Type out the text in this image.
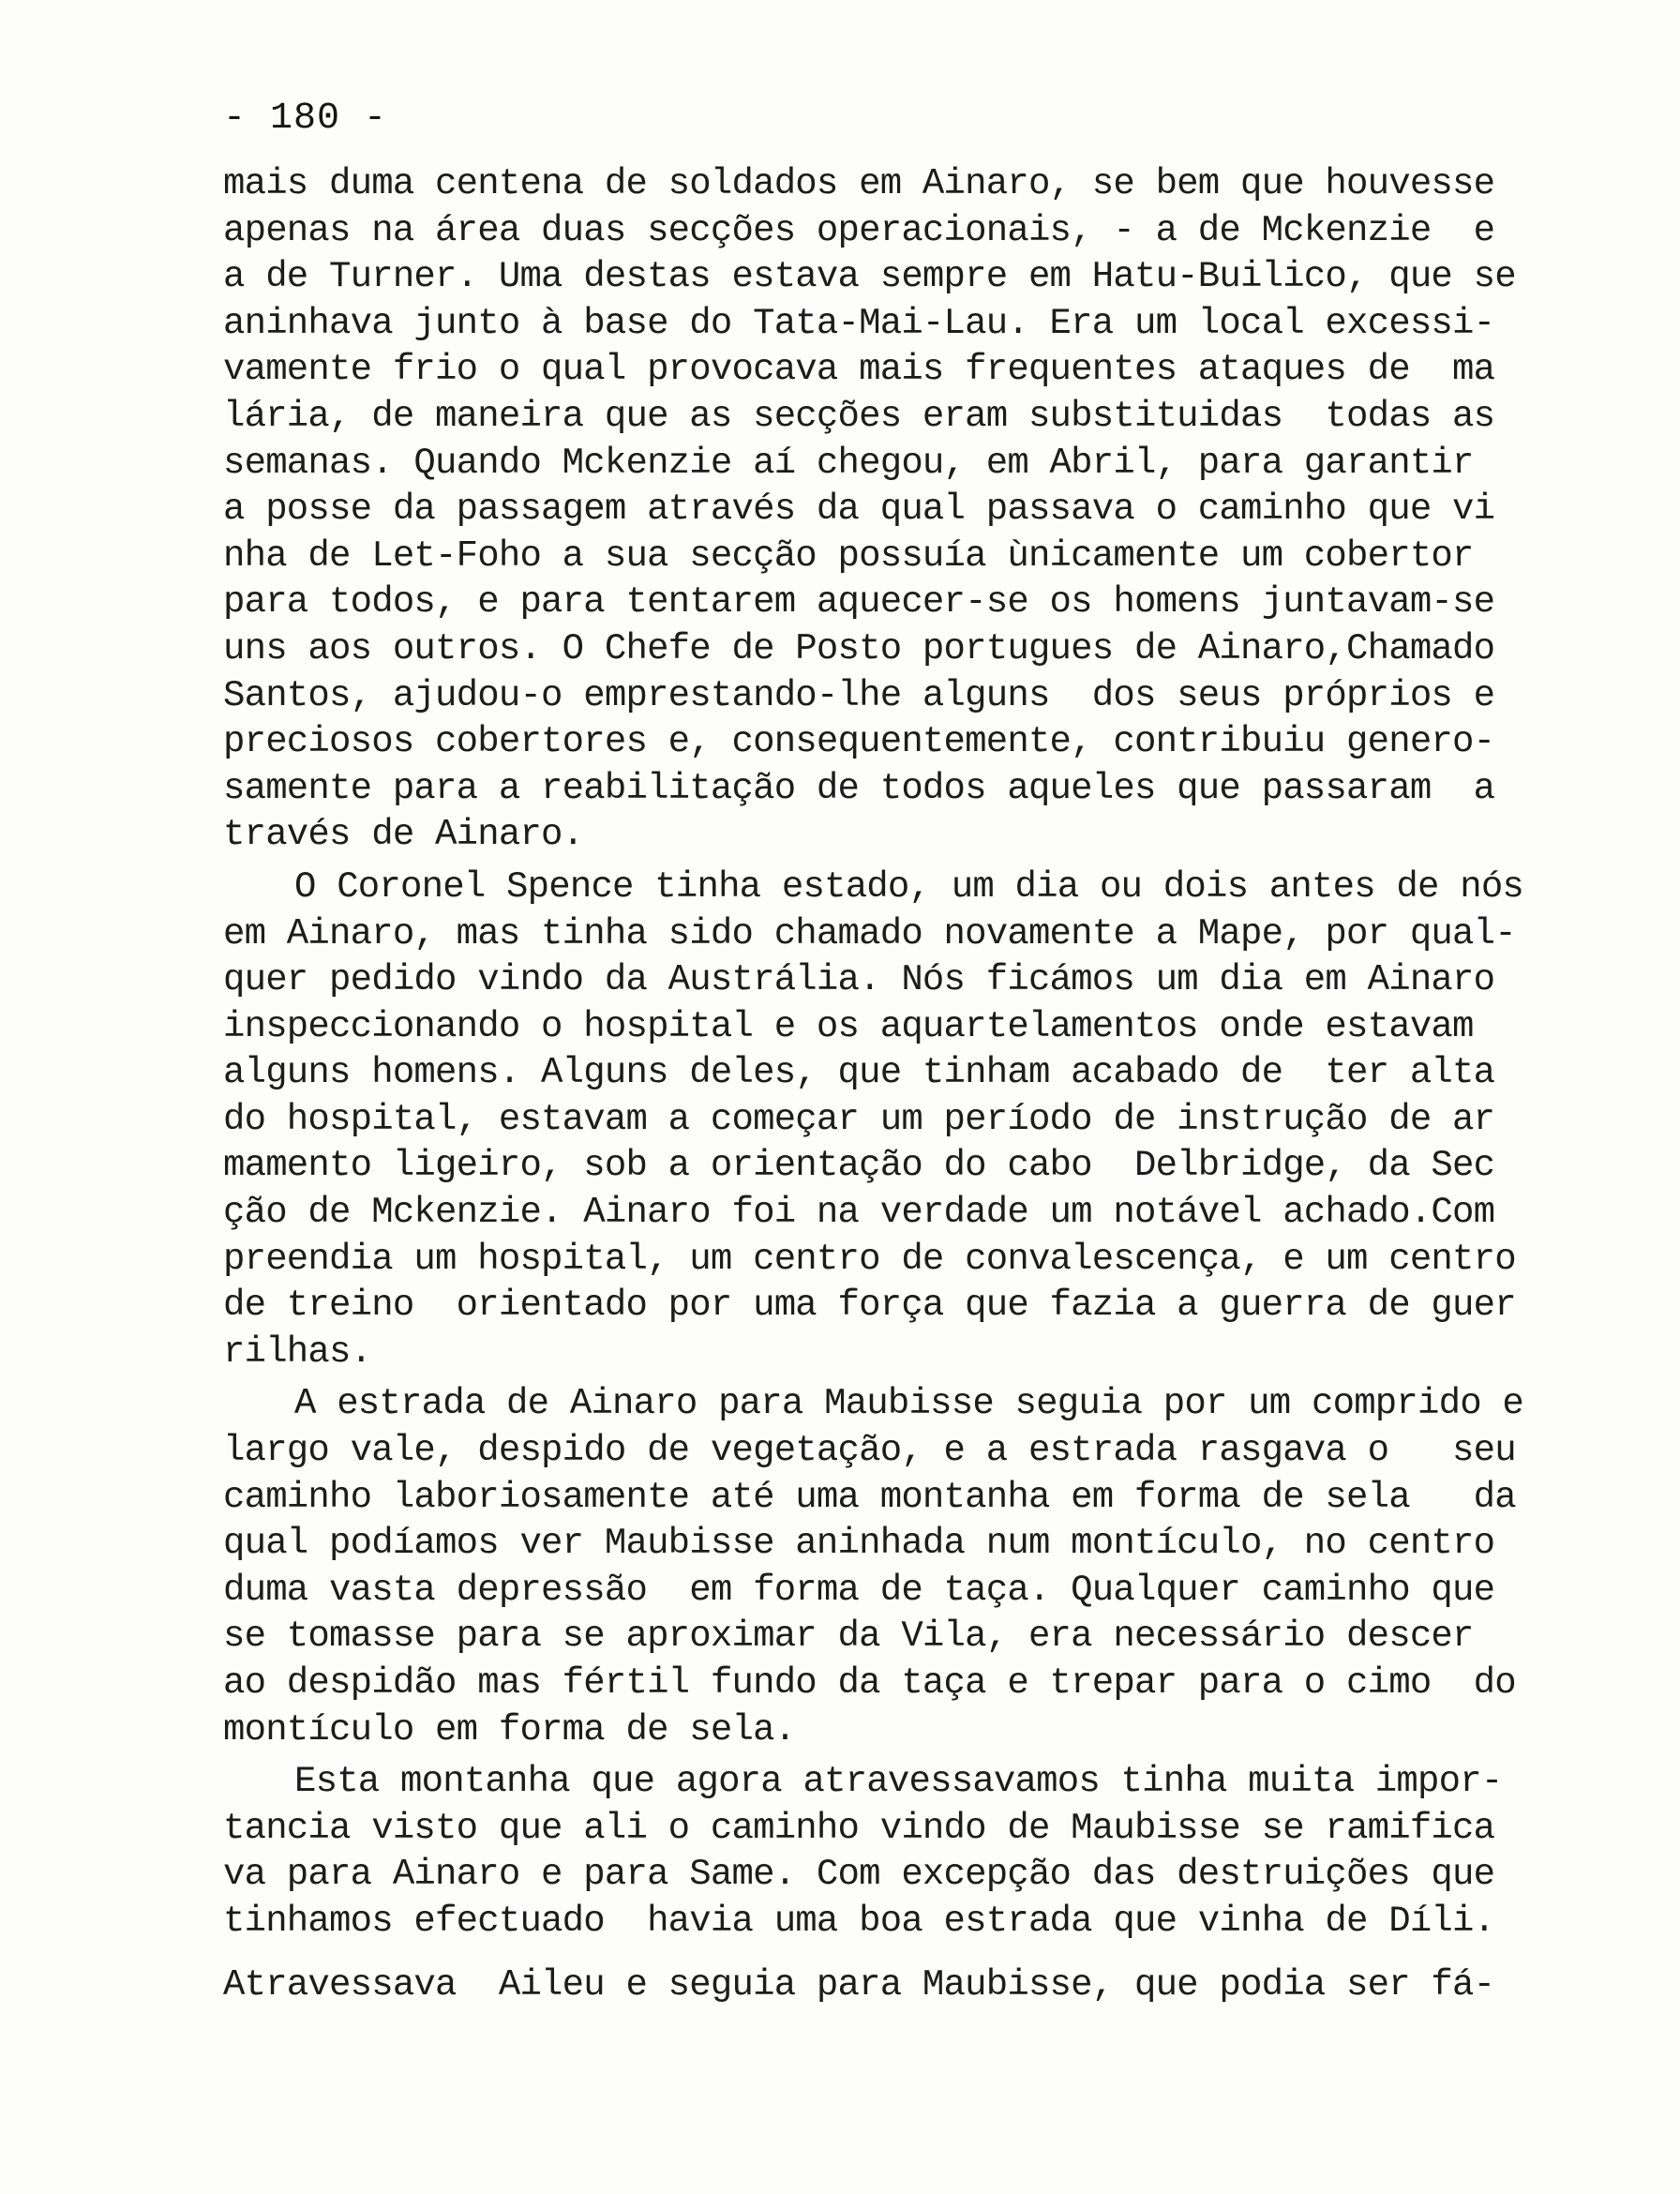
- 180 -
mais duma centena de soldados em Ainaro, se bem que houvesse
apenas na área duas secções operacionais, - a de Mckenzie  e
a de Turner. Uma destas estava sempre em Hatu-Builico, que se
aninhava junto à base do Tata-Mai-Lau. Era um local excessi-
vamente frio o qual provocava mais frequentes ataques de  ma
lária, de maneira que as secções eram substituidas  todas as
semanas. Quando Mckenzie aí chegou, em Abril, para garantir
a posse da passagem através da qual passava o caminho que vi
nha de Let-Foho a sua secção possuía ùnicamente um cobertor
para todos, e para tentarem aquecer-se os homens juntavam-se
uns aos outros. O Chefe de Posto portugues de Ainaro,Chamado
Santos, ajudou-o emprestando-lhe alguns  dos seus próprios e
preciosos cobertores e, consequentemente, contribuiu genero-
samente para a reabilitação de todos aqueles que passaram  a
través de Ainaro.
O Coronel Spence tinha estado, um dia ou dois antes de nós
em Ainaro, mas tinha sido chamado novamente a Mape, por qual-
quer pedido vindo da Austrália. Nós ficámos um dia em Ainaro
inspeccionando o hospital e os aquartelamentos onde estavam
alguns homens. Alguns deles, que tinham acabado de  ter alta
do hospital, estavam a começar um período de instrução de ar
mamento ligeiro, sob a orientação do cabo  Delbridge, da Sec
ção de Mckenzie. Ainaro foi na verdade um notável achado.Com
preendia um hospital, um centro de convalescença, e um centro
de treino  orientado por uma força que fazia a guerra de guer
rilhas.
A estrada de Ainaro para Maubisse seguia por um comprido e
largo vale, despido de vegetação, e a estrada rasgava o   seu
caminho laboriosamente até uma montanha em forma de sela   da
qual podíamos ver Maubisse aninhada num montículo, no centro
duma vasta depressão  em forma de taça. Qualquer caminho que
se tomasse para se aproximar da Vila, era necessário descer
ao despidão mas fértil fundo da taça e trepar para o cimo  do
montículo em forma de sela.
Esta montanha que agora atravessavamos tinha muita impor-
tancia visto que ali o caminho vindo de Maubisse se ramifica
va para Ainaro e para Same. Com excepção das destruições que
tinhamos efectuado  havia uma boa estrada que vinha de Díli.
Atravessava  Aileu e seguia para Maubisse, que podia ser fá-
